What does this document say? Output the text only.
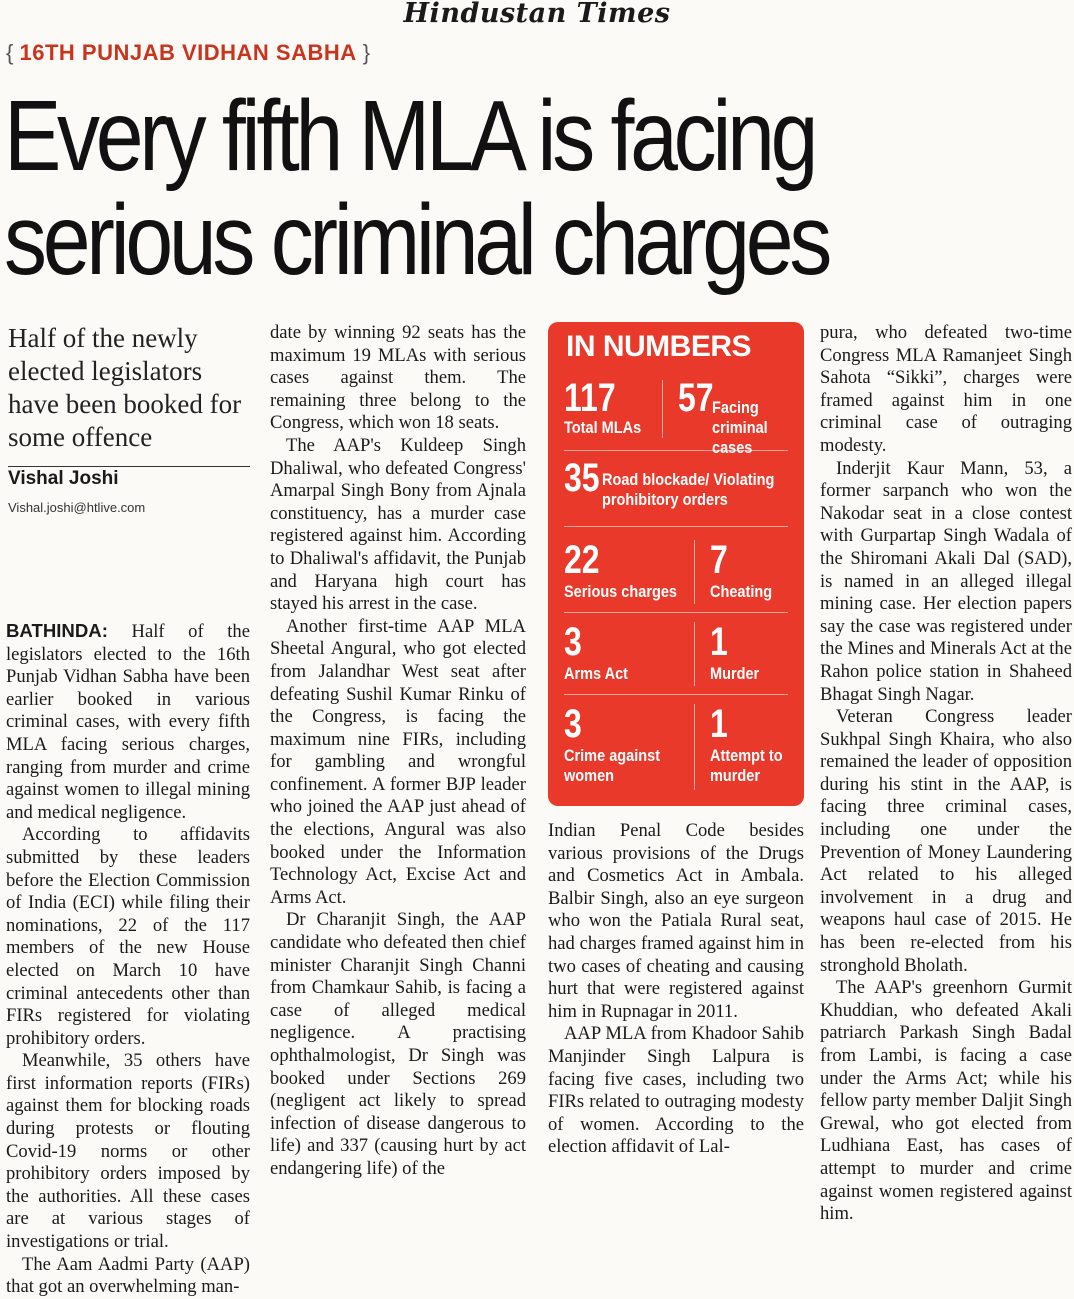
Hindustan Times
{ 16TH PUNJAB VIDHAN SABHA }
Every fifth MLA is facing
serious criminal charges
Half of the newly elected legislators have been booked for some offence
Vishal Joshi
Vishal.joshi@htlive.com

BATHINDA: Half of the legislators elected to the 16th Punjab Vidhan Sabha have been earlier booked in various criminal cases, with every fifth MLA facing serious charges, ranging from murder and crime against women to illegal mining and medical negligence.

According to affidavits submitted by these leaders before the Election Commission of India (ECI) while filing their nominations, 22 of the 117 members of the new House elected on March 10 have criminal antecedents other than FIRs registered for violating prohibitory orders.

Meanwhile, 35 others have first information reports (FIRs) against them for blocking roads during protests or flouting Covid-19 norms or other prohibitory orders imposed by the authorities. All these cases are at various stages of investigations or trial.

The Aam Aadmi Party (AAP) that got an overwhelming man-

date by winning 92 seats has the maximum 19 MLAs with serious cases against them. The remaining three belong to the Congress, which won 18 seats.

The AAP's Kuldeep Singh Dhaliwal, who defeated Congress' Amarpal Singh Bony from Ajnala constituency, has a murder case registered against him. According to Dhaliwal's affidavit, the Punjab and Haryana high court has stayed his arrest in the case.

Another first-time AAP MLA Sheetal Angural, who got elected from Jalandhar West seat after defeating Sushil Kumar Rinku of the Congress, is facing the maximum nine FIRs, including for gambling and wrongful confinement. A former BJP leader who joined the AAP just ahead of the elections, Angural was also booked under the Information Technology Act, Excise Act and Arms Act.

Dr Charanjit Singh, the AAP candidate who defeated then chief minister Charanjit Singh Channi from Chamkaur Sahib, is facing a case of alleged medical negligence. A practising ophthalmologist, Dr Singh was booked under Sections 269 (negligent act likely to spread infection of disease dangerous to life) and 337 (causing hurt by act endangering life) of the

IN NUMBERS
117
Total MLAs
57
Facing criminal cases
35 Road blockade/ Violating prohibitory orders
22
Serious charges
7
Cheating
3
Arms Act
1
Murder
3
Crime against women
1
Attempt to murder

Indian Penal Code besides various provisions of the Drugs and Cosmetics Act in Ambala. Balbir Singh, also an eye surgeon who won the Patiala Rural seat, had charges framed against him in two cases of cheating and causing hurt that were registered against him in Rupnagar in 2011.

AAP MLA from Khadoor Sahib Manjinder Singh Lalpura is facing five cases, including two FIRs related to outraging modesty of women. According to the election affidavit of Lal-

pura, who defeated two-time Congress MLA Ramanjeet Singh Sahota “Sikki”, charges were framed against him in one criminal case of outraging modesty.

Inderjit Kaur Mann, 53, a former sarpanch who won the Nakodar seat in a close contest with Gurpartap Singh Wadala of the Shiromani Akali Dal (SAD), is named in an alleged illegal mining case. Her election papers say the case was registered under the Mines and Minerals Act at the Rahon police station in Shaheed Bhagat Singh Nagar.

Veteran Congress leader Sukhpal Singh Khaira, who also remained the leader of opposition during his stint in the AAP, is facing three criminal cases, including one under the Prevention of Money Laundering Act related to his alleged involvement in a drug and weapons haul case of 2015. He has been re-elected from his stronghold Bholath.

The AAP's greenhorn Gurmit Khuddian, who defeated Akali patriarch Parkash Singh Badal from Lambi, is facing a case under the Arms Act; while his fellow party member Daljit Singh Grewal, who got elected from Ludhiana East, has cases of attempt to murder and crime against women registered against him.
